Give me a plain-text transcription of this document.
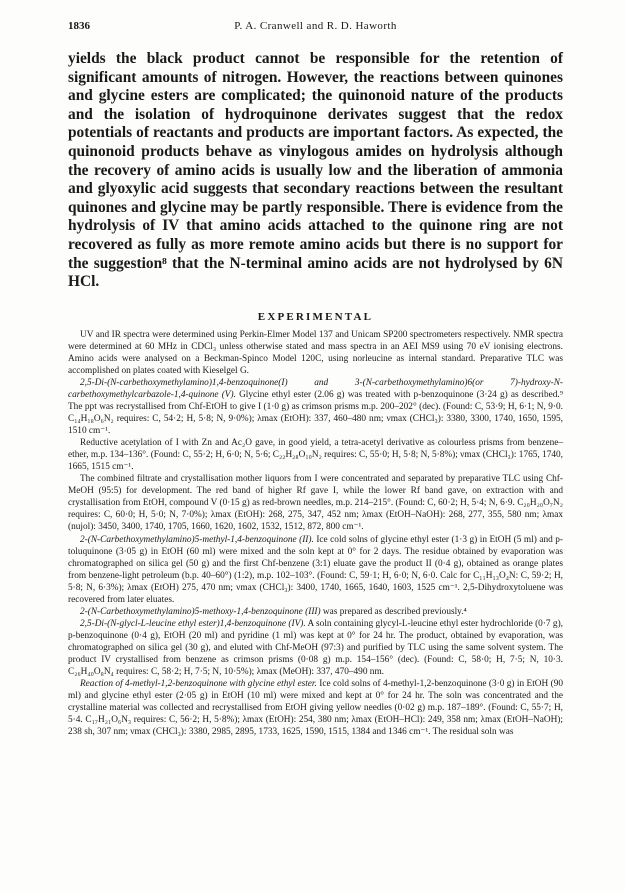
1836	P. A. Cranwell and R. D. Haworth

yields the black product cannot be responsible for the retention of significant amounts of nitrogen. However, the reactions between quinones and glycine esters are complicated; the quinonoid nature of the products and the isolation of hydroquinone derivates suggest that the redox potentials of reactants and products are important factors. As expected, the quinonoid products behave as vinylogous amides on hydrolysis although the recovery of amino acids is usually low and the liberation of ammonia and glyoxylic acid suggests that secondary reactions between the resultant quinones and glycine may be partly responsible. There is evidence from the hydrolysis of IV that amino acids attached to the quinone ring are not recovered as fully as more remote amino acids but there is no support for the suggestion⁸ that the N-terminal amino acids are not hydrolysed by 6N HCl.

EXPERIMENTAL

UV and IR spectra were determined using Perkin-Elmer Model 137 and Unicam SP200 spectrometers respectively. NMR spectra were determined at 60 MHz in CDCl₃ unless otherwise stated and mass spectra in an AEI MS9 using 70 eV ionising electrons. Amino acids were analysed on a Beckman-Spinco Model 120C, using norleucine as internal standard. Preparative TLC was accomplished on plates coated with Kieselgel G.

2,5-Di-(N-carbethoxymethylamino)1,4-benzoquinone(I) and 3-(N-carbethoxymethylamino)6(or 7)-hydroxy-N-carbethoxymethylcarbazole-1,4-quinone (V). Glycine ethyl ester (2.06 g) was treated with p-benzoquinone (3·24 g) as described.⁹ The ppt was recrystallised from Chf-EtOH to give I (1·0 g) as crimson prisms m.p. 200–202° (dec). (Found: C, 53·9; H, 6·1; N, 9·0. C₁₄H₁₈O₆N₂ requires: C, 54·2; H, 5·8; N, 9·0%); λmax (EtOH): 337, 460–480 nm; νmax (CHCl₃): 3380, 3300, 1740, 1650, 1595, 1510 cm⁻¹.

Reductive acetylation of I with Zn and Ac₂O gave, in good yield, a tetra-acetyl derivative as colourless prisms from benzene–ether, m.p. 134–136°. (Found: C, 55·2; H, 6·0; N, 5·6; C₂₂H₂₈O₁₀N₂ requires: C, 55·0; H, 5·8; N, 5·8%); νmax (CHCl₃): 1765, 1740, 1665, 1515 cm⁻¹.

The combined filtrate and crystallisation mother liquors from I were concentrated and separated by preparative TLC using Chf-MeOH (95:5) for development. The red band of higher Rf gave I, while the lower Rf band gave, on extraction with and crystallisation from EtOH, compound V (0·15 g) as red-brown needles, m.p. 214–215°. (Found: C, 60·2; H, 5·4; N, 6·9. C₂₀H₂₀O₇N₂ requires: C, 60·0; H, 5·0; N, 7·0%); λmax (EtOH): 268, 275, 347, 452 nm; λmax (EtOH–NaOH): 268, 277, 355, 580 nm; λmax (nujol): 3450, 3400, 1740, 1705, 1660, 1620, 1602, 1532, 1512, 872, 800 cm⁻¹.

2-(N-Carbethoxymethylamino)5-methyl-1,4-benzoquinone (II). Ice cold solns of glycine ethyl ester (1·3 g) in EtOH (5 ml) and p-toluquinone (3·05 g) in EtOH (60 ml) were mixed and the soln kept at 0° for 2 days. The residue obtained by evaporation was chromatographed on silica gel (50 g) and the first Chf-benzene (3:1) eluate gave the product II (0·4 g), obtained as orange plates from benzene-light petroleum (b.p. 40–60°) (1:2), m.p. 102–103°. (Found: C, 59·1; H, 6·0; N, 6·0. Calc for C₁₁H₁₃O₄N: C, 59·2; H, 5·8; N, 6·3%); λmax (EtOH) 275, 470 nm; νmax (CHCl₃): 3400, 1740, 1665, 1640, 1603, 1525 cm⁻¹. 2,5-Dihydroxytoluene was recovered from later eluates.

2-(N-Carbethoxymethylamino)5-methoxy-1,4-benzoquinone (III) was prepared as described previously.⁴

2,5-Di-(N-glycl-L-leucine ethyl ester)1,4-benzoquinone (IV). A soln containing glycyl-L-leucine ethyl ester hydrochloride (0·7 g), p-benzoquinone (0·4 g), EtOH (20 ml) and pyridine (1 ml) was kept at 0° for 24 hr. The product, obtained by evaporation, was chromatographed on silica gel (30 g), and eluted with Chf-MeOH (97:3) and purified by TLC using the same solvent system. The product IV crystallised from benzene as crimson prisms (0·08 g) m.p. 154–156° (dec). (Found: C, 58·0; H, 7·5; N, 10·3. C₂₆H₄₀O₈N₄ requires: C, 58·2; H, 7·5; N, 10·5%); λmax (MeOH): 337, 470–490 nm.

Reaction of 4-methyl-1,2-benzoquinone with glycine ethyl ester. Ice cold solns of 4-methyl-1,2-benzoquinone (3·0 g) in EtOH (90 ml) and glycine ethyl ester (2·05 g) in EtOH (10 ml) were mixed and kept at 0° for 24 hr. The soln was concentrated and the crystalline material was collected and recrystallised from EtOH giving yellow needles (0·02 g) m.p. 187–189°. (Found: C, 55·7; H, 5·4. C₁₇H₂₁O₆N₃ requires: C, 56·2; H, 5·8%); λmax (EtOH): 254, 380 nm; λmax (EtOH–HCl): 249, 358 nm; λmax (EtOH–NaOH); 238 sh, 307 nm; νmax (CHCl₃): 3380, 2985, 2895, 1733, 1625, 1590, 1515, 1384 and 1346 cm⁻¹. The residual soln was
